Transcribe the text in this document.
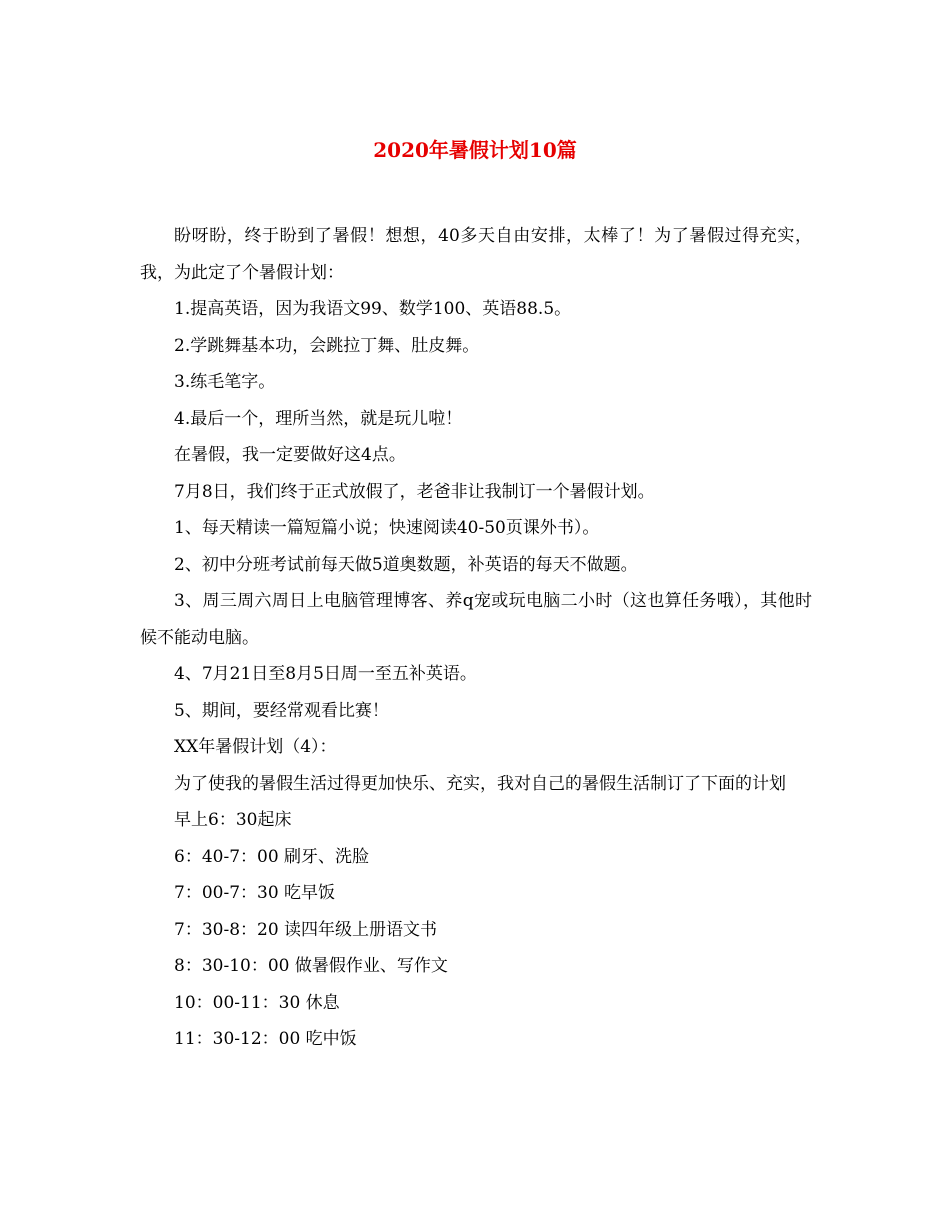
2020年暑假计划10篇

盼呀盼，终于盼到了暑假！想想，40多天自由安排，太棒了！为了暑假过得充实，我，为此定了个暑假计划：

1.提高英语，因为我语文99、数学100、英语88.5。

2.学跳舞基本功，会跳拉丁舞、肚皮舞。

3.练毛笔字。

4.最后一个，理所当然，就是玩儿啦！

在暑假，我一定要做好这4点。

7月8日，我们终于正式放假了，老爸非让我制订一个暑假计划。

1、每天精读一篇短篇小说；快速阅读40-50页课外书）。

2、初中分班考试前每天做5道奥数题，补英语的每天不做题。

3、周三周六周日上电脑管理博客、养q宠或玩电脑二小时（这也算任务哦），其他时候不能动电脑。

4、7月21日至8月5日周一至五补英语。

5、期间，要经常观看比赛！

XX年暑假计划（4）：

为了使我的暑假生活过得更加快乐、充实，我对自己的暑假生活制订了下面的计划

早上6：30起床

6：40-7：00 刷牙、洗脸

7：00-7：30 吃早饭

7：30-8：20 读四年级上册语文书

8：30-10：00 做暑假作业、写作文

10：00-11：30 休息

11：30-12：00 吃中饭
